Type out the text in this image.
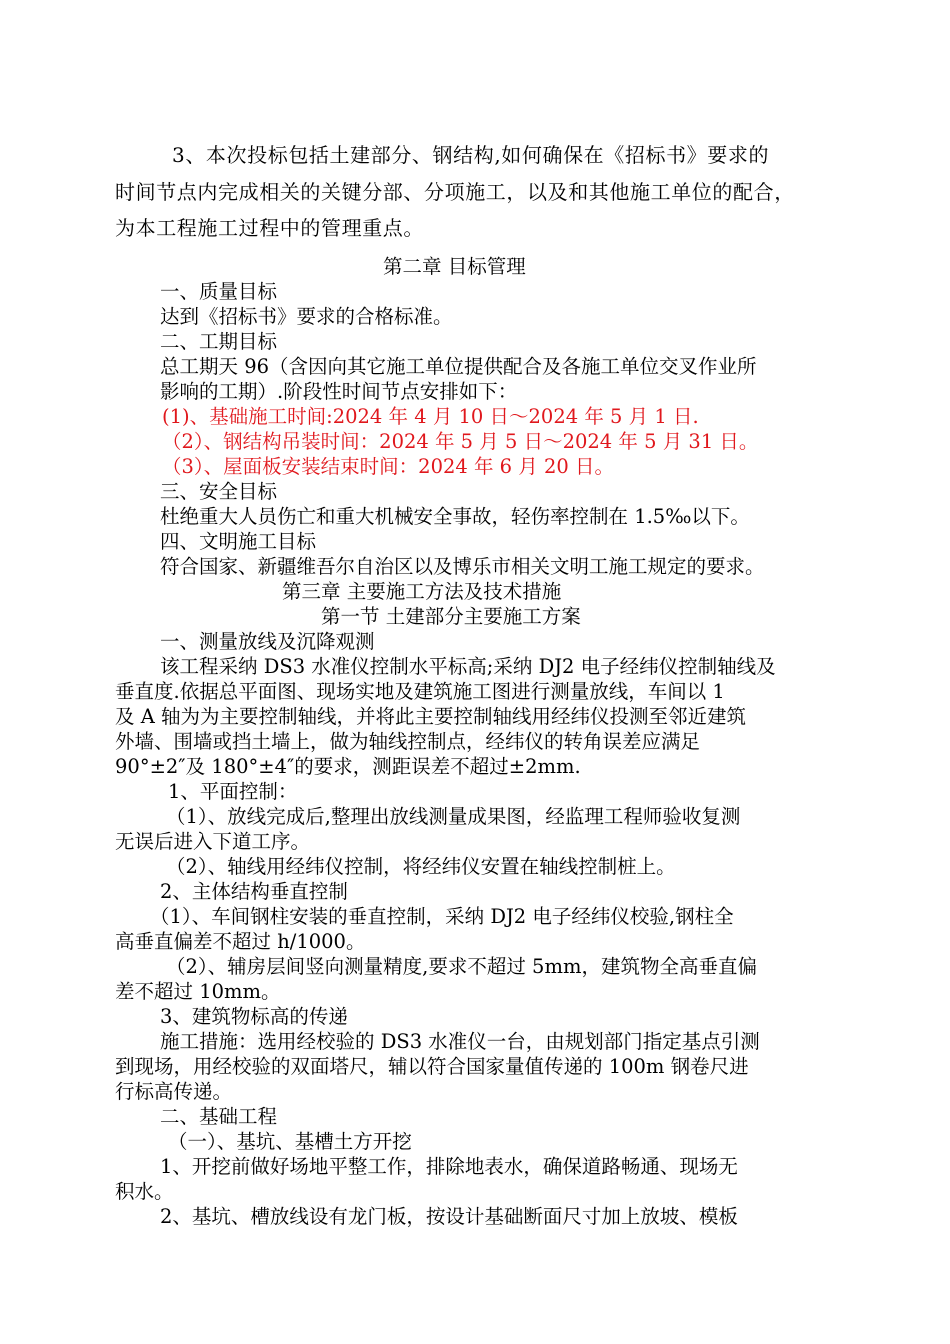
3、本次投标包括土建部分、钢结构,如何确保在《招标书》要求的
时间节点内完成相关的关键分部、分项施工，以及和其他施工单位的配合，
为本工程施工过程中的管理重点。
第二章 目标管理
一、质量目标
达到《招标书》要求的合格标准。
二、工期目标
总工期天 96（含因向其它施工单位提供配合及各施工单位交叉作业所
影响的工期）.阶段性时间节点安排如下：
(1)、基础施工时间:2024 年 4 月 10 日～2024 年 5 月 1 日.
（2）、钢结构吊装时间：2024 年 5 月 5 日～2024 年 5 月 31 日。
（3）、屋面板安装结束时间：2024 年 6 月 20 日。
三、安全目标
杜绝重大人员伤亡和重大机械安全事故，轻伤率控制在 1.5‰以下。
四、文明施工目标
符合国家、新疆维吾尔自治区以及博乐市相关文明工施工规定的要求。
第三章 主要施工方法及技术措施
第一节 土建部分主要施工方案
一、测量放线及沉降观测
该工程采纳 DS3 水准仪控制水平标高;采纳 DJ2 电子经纬仪控制轴线及
垂直度.依据总平面图、现场实地及建筑施工图进行测量放线，车间以 1
及 A 轴为为主要控制轴线，并将此主要控制轴线用经纬仪投测至邻近建筑
外墙、围墙或挡土墙上，做为轴线控制点，经纬仪的转角误差应满足
90°±2″及 180°±4″的要求，测距误差不超过±2mm.
1、平面控制：
（1）、放线完成后,整理出放线测量成果图，经监理工程师验收复测
无误后进入下道工序。
（2）、轴线用经纬仪控制，将经纬仪安置在轴线控制桩上。
2、主体结构垂直控制
（1）、车间钢柱安装的垂直控制，采纳 DJ2 电子经纬仪校验,钢柱全
高垂直偏差不超过 h/1000。
（2）、辅房层间竖向测量精度,要求不超过 5mm，建筑物全高垂直偏
差不超过 10mm。
3、建筑物标高的传递
施工措施：选用经校验的 DS3 水准仪一台，由规划部门指定基点引测
到现场，用经校验的双面塔尺，辅以符合国家量值传递的 100m 钢卷尺进
行标高传递。
二、基础工程
（一）、基坑、基槽土方开挖
1、开挖前做好场地平整工作，排除地表水，确保道路畅通、现场无
积水。
2、基坑、槽放线设有龙门板，按设计基础断面尺寸加上放坡、模板
